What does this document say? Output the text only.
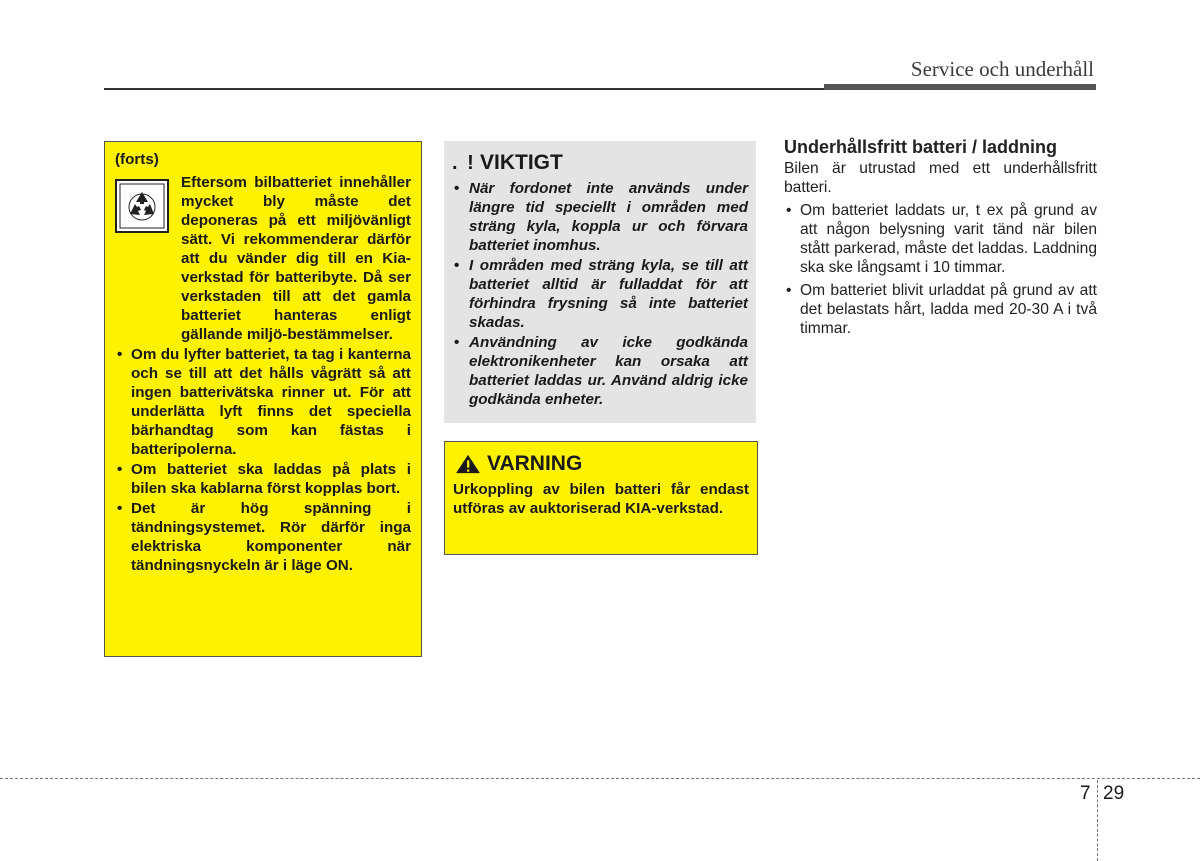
Service och underhåll
(forts)
Eftersom bilbatteriet innehåller mycket bly måste det deponeras på ett miljövänligt sätt. Vi rekommenderar därför att du vänder dig till en Kia-verkstad för batteribyte. Då ser verkstaden till att det gamla batteriet hanteras enligt gällande miljö-bestämmelser.
• Om du lyfter batteriet, ta tag i kanterna och se till att det hålls vågrätt så att ingen batterivätska rinner ut. För att underlätta lyft finns det speciella bärhandtag som kan fästas i batteripolerna.
• Om batteriet ska laddas på plats i bilen ska kablarna först kopplas bort.
• Det är hög spänning i tändningsystemet. Rör därför inga elektriska komponenter när tändningsnyckeln är i läge ON.
. ! VIKTIGT
• När fordonet inte används under längre tid speciellt i områden med sträng kyla, koppla ur och förvara batteriet inomhus.
• I områden med sträng kyla, se till att batteriet alltid är fulladdat för att förhindra frysning så inte batteriet skadas.
• Användning av icke godkända elektronikenheter kan orsaka att batteriet laddas ur. Använd aldrig icke godkända enheter.
VARNING
Urkoppling av bilen batteri får endast utföras av auktoriserad KIA-verkstad.
Underhållsfritt batteri / laddning

Bilen är utrustad med ett underhållsfritt batteri.

• Om batteriet laddats ur, t ex på grund av att någon belysning varit tänd när bilen stått parkerad, måste det laddas. Laddning ska ske långsamt i 10 timmar.
• Om batteriet blivit urladdat på grund av att det belastats hårt, ladda med 20-30 A i två timmar.
7 29
